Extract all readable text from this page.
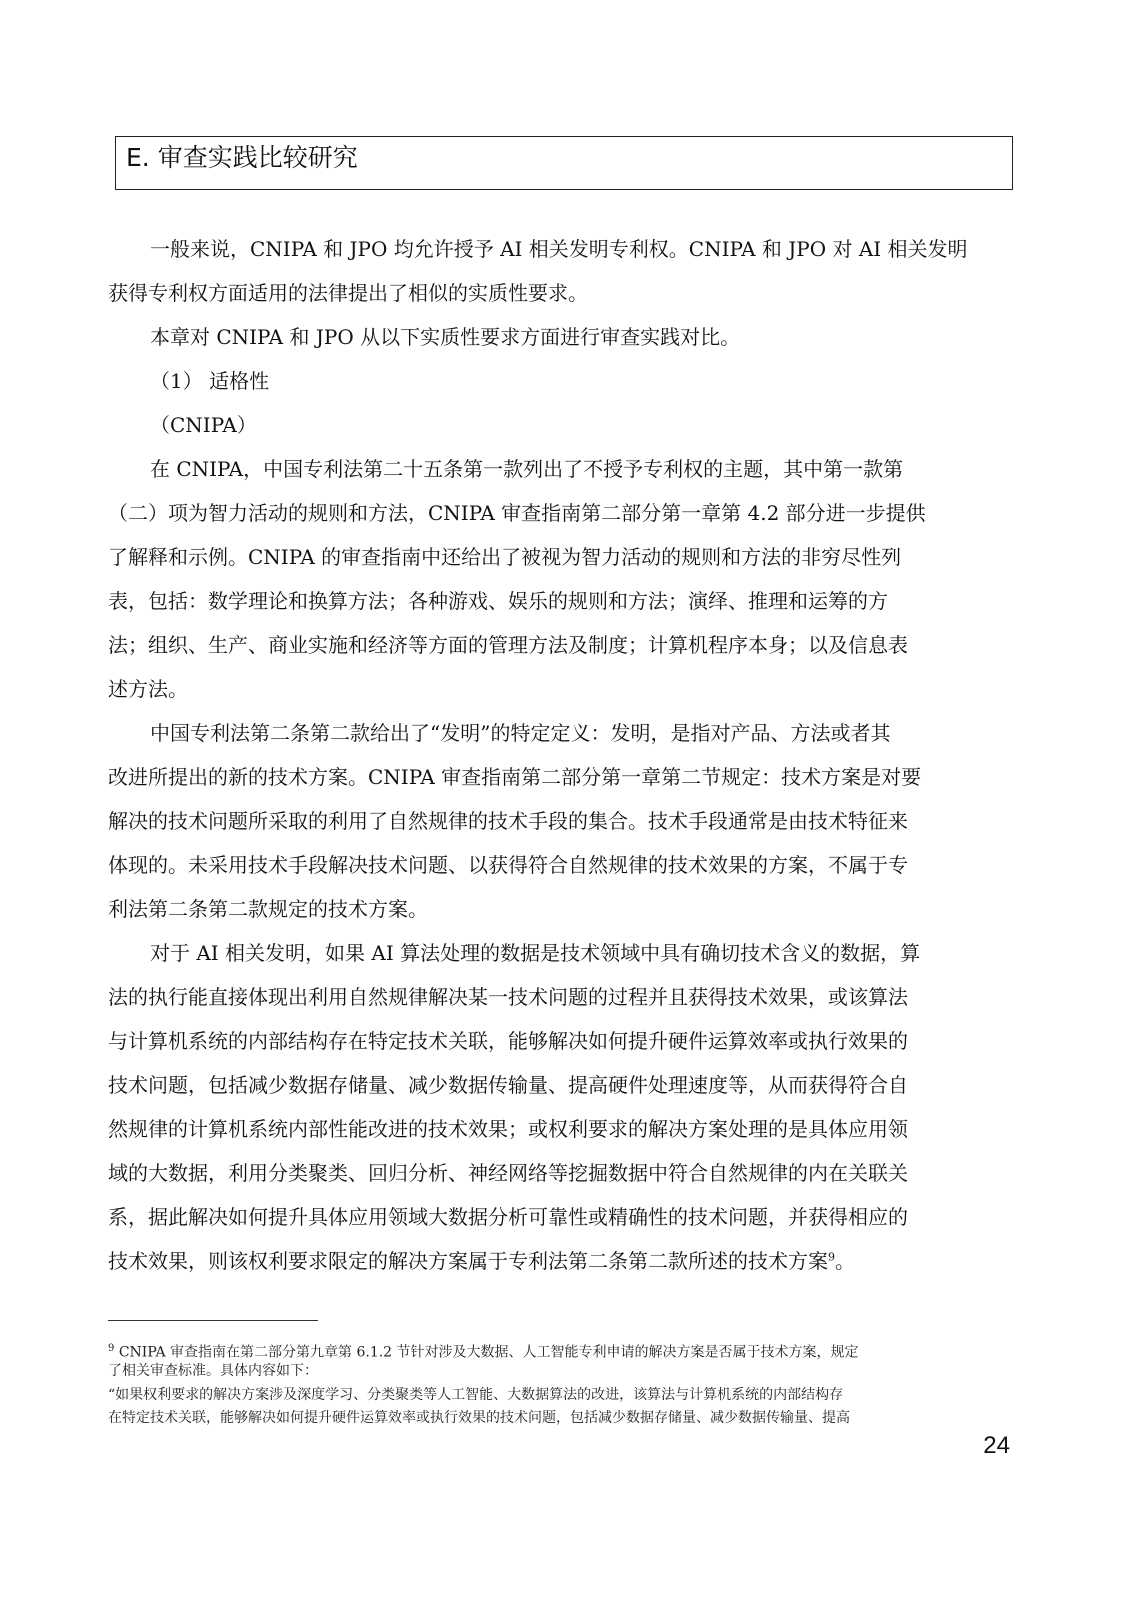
E. 审查实践比较研究
一般来说，CNIPA 和 JPO 均允许授予 AI 相关发明专利权。CNIPA 和 JPO 对 AI 相关发明
获得专利权方面适用的法律提出了相似的实质性要求。
本章对 CNIPA 和 JPO 从以下实质性要求方面进行审查实践对比。
（1） 适格性
（CNIPA）
在 CNIPA，中国专利法第二十五条第一款列出了不授予专利权的主题，其中第一款第
（二）项为智力活动的规则和方法，CNIPA 审查指南第二部分第一章第 4.2 部分进一步提供
了解释和示例。CNIPA 的审查指南中还给出了被视为智力活动的规则和方法的非穷尽性列
表，包括：数学理论和换算方法；各种游戏、娱乐的规则和方法；演绎、推理和运筹的方
法；组织、生产、商业实施和经济等方面的管理方法及制度；计算机程序本身；以及信息表
述方法。
中国专利法第二条第二款给出了“发明”的特定定义：发明，是指对产品、方法或者其
改进所提出的新的技术方案。CNIPA 审查指南第二部分第一章第二节规定：技术方案是对要
解决的技术问题所采取的利用了自然规律的技术手段的集合。技术手段通常是由技术特征来
体现的。未采用技术手段解决技术问题、以获得符合自然规律的技术效果的方案，不属于专
利法第二条第二款规定的技术方案。
对于 AI 相关发明，如果 AI 算法处理的数据是技术领域中具有确切技术含义的数据，算
法的执行能直接体现出利用自然规律解决某一技术问题的过程并且获得技术效果，或该算法
与计算机系统的内部结构存在特定技术关联，能够解决如何提升硬件运算效率或执行效果的
技术问题，包括减少数据存储量、减少数据传输量、提高硬件处理速度等，从而获得符合自
然规律的计算机系统内部性能改进的技术效果；或权利要求的解决方案处理的是具体应用领
域的大数据，利用分类聚类、回归分析、神经网络等挖掘数据中符合自然规律的内在关联关
系，据此解决如何提升具体应用领域大数据分析可靠性或精确性的技术问题，并获得相应的
技术效果，则该权利要求限定的解决方案属于专利法第二条第二款所述的技术方案$^9$。
$^9$ CNIPA 审查指南在第二部分第九章第 6.1.2 节针对涉及大数据、人工智能专利申请的解决方案是否属于技术方案，规定
了相关审查标准。具体内容如下：
“如果权利要求的解决方案涉及深度学习、分类聚类等人工智能、大数据算法的改进，该算法与计算机系统的内部结构存
在特定技术关联，能够解决如何提升硬件运算效率或执行效果的技术问题，包括减少数据存储量、减少数据传输量、提高
24
